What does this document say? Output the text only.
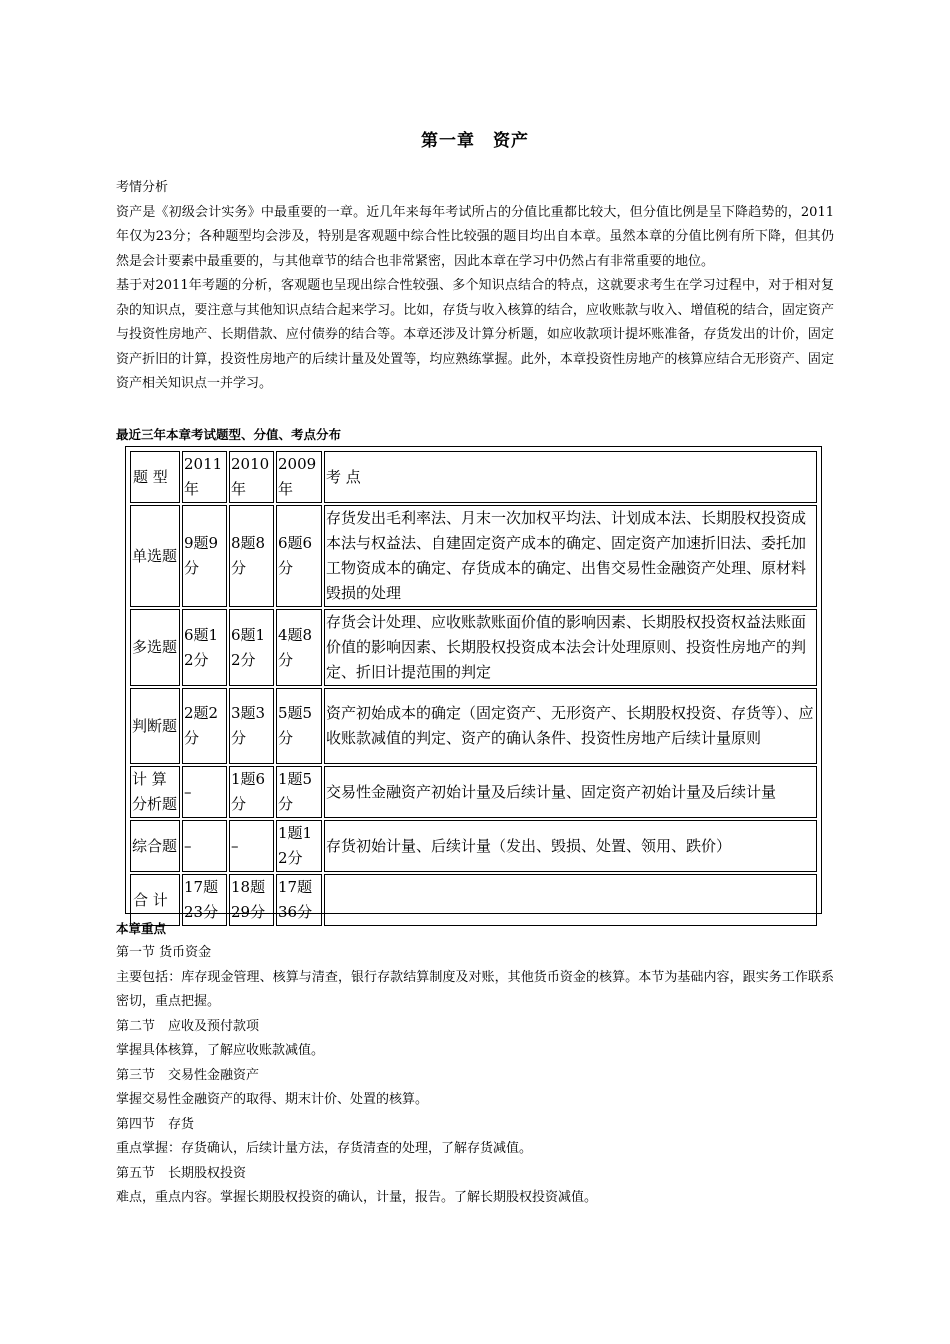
第一章　资产

考情分析

资产是《初级会计实务》中最重要的一章。近几年来每年考试所占的分值比重都比较大，但分值比例是呈下降趋势的，2011年仅为23分；各种题型均会涉及，特别是客观题中综合性比较强的题目均出自本章。虽然本章的分值比例有所下降，但其仍然是会计要素中最重要的，与其他章节的结合也非常紧密，因此本章在学习中仍然占有非常重要的地位。

基于对2011年考题的分析，客观题也呈现出综合性较强、多个知识点结合的特点，这就要求考生在学习过程中，对于相对复杂的知识点，要注意与其他知识点结合起来学习。比如，存货与收入核算的结合，应收账款与收入、增值税的结合，固定资产与投资性房地产、长期借款、应付债券的结合等。本章还涉及计算分析题，如应收款项计提坏账准备，存货发出的计价，固定资产折旧的计算，投资性房地产的后续计量及处置等，均应熟练掌握。此外，本章投资性房地产的核算应结合无形资产、固定资产相关知识点一并学习。

最近三年本章考试题型、分值、考点分布
题 型	2011年	2010年	2009年	考 点
单选题	9题9分	8题8分	6题6分	存货发出毛利率法、月末一次加权平均法、计划成本法、长期股权投资成本法与权益法、自建固定资产成本的确定、固定资产加速折旧法、委托加工物资成本的确定、存货成本的确定、出售交易性金融资产处理、原材料毁损的处理
多选题	6题12分	6题12分	4题8分	存货会计处理、应收账款账面价值的影响因素、长期股权投资权益法账面价值的影响因素、长期股权投资成本法会计处理原则、投资性房地产的判定、折旧计提范围的判定
判断题	2题2分	3题3分	5题5分	资产初始成本的确定（固定资产、无形资产、长期股权投资、存货等）、应收账款减值的判定、资产的确认条件、投资性房地产后续计量原则
计 算分析题	–	1题6分	1题5分	交易性金融资产初始计量及后续计量、固定资产初始计量及后续计量
综合题	–	–	1题12分	存货初始计量、后续计量（发出、毁损、处置、领用、跌价）
合 计	17题23分	18题29分	17题36分	

本章重点

第一节 货币资金

主要包括：库存现金管理、核算与清查，银行存款结算制度及对账，其他货币资金的核算。本节为基础内容，跟实务工作联系密切，重点把握。

第二节　应收及预付款项

掌握具体核算，了解应收账款减值。

第三节　交易性金融资产

掌握交易性金融资产的取得、期末计价、处置的核算。

第四节　存货

重点掌握：存货确认，后续计量方法，存货清查的处理，了解存货减值。

第五节　长期股权投资

难点，重点内容。掌握长期股权投资的确认，计量，报告。了解长期股权投资减值。
